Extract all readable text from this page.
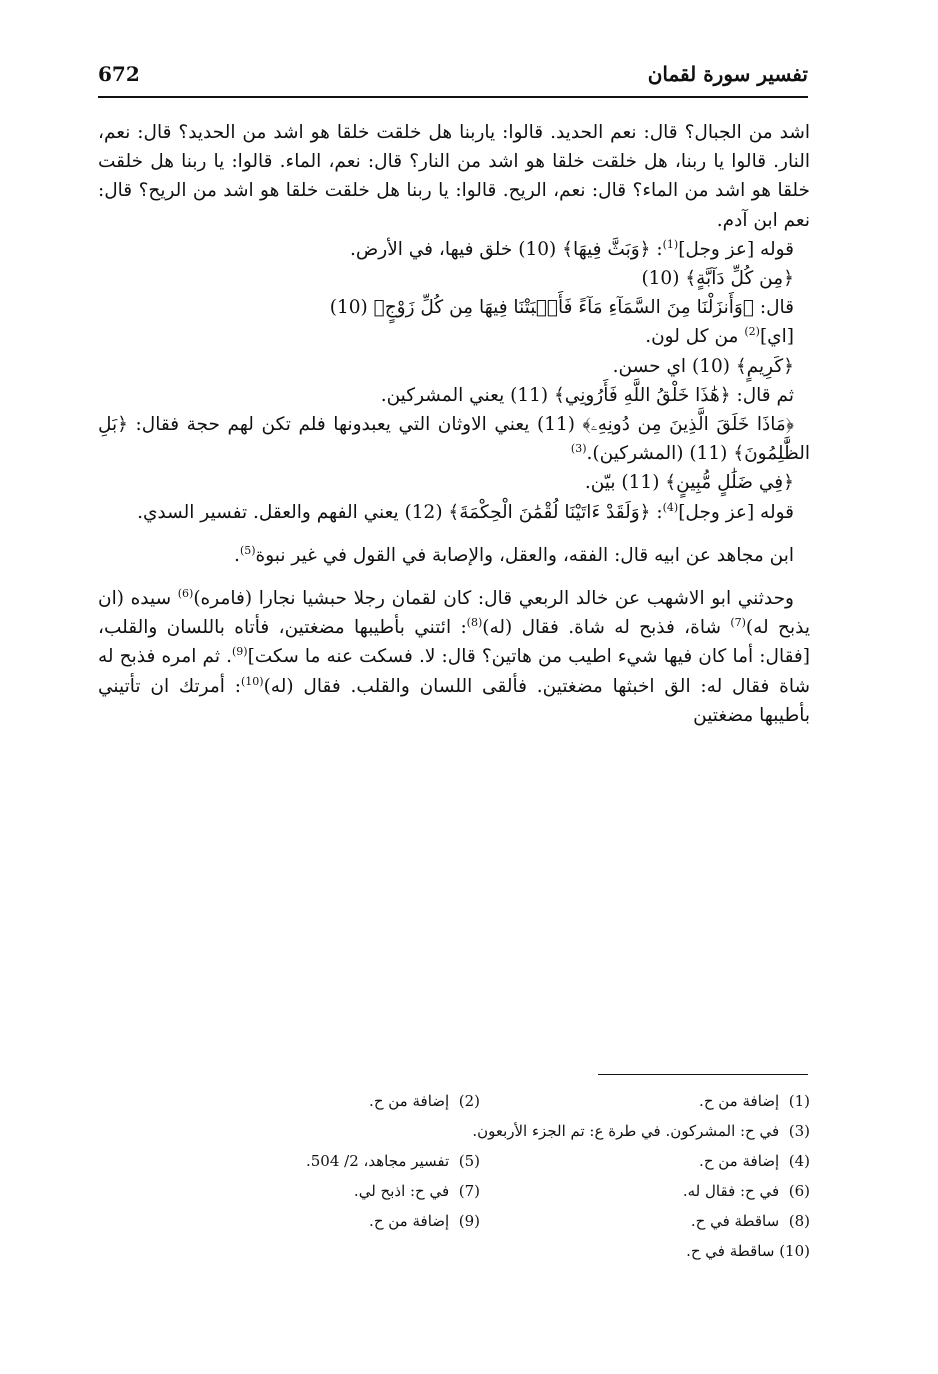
تفسير سورة لقمان
672

اشد من الجبال؟ قال: نعم الحديد. قالوا: ياربنا هل خلقت خلقا هو اشد من الحديد؟ قال: نعم، النار. قالوا يا ربنا، هل خلقت خلقا هو اشد من النار؟ قال: نعم، الماء. قالوا: يا ربنا هل خلقت خلقا هو اشد من الماء؟ قال: نعم، الريح. قالوا: يا ربنا هل خلقت خلقا هو اشد من الريح؟ قال: نعم ابن آدم.

قوله [عز وجل]$^{(1)}$: ﴿وَبَثَّ فِيهَا﴾ (10) خلق فيها، في الأرض.

﴿مِن كُلِّ دَآبَّةٍ﴾ (10)

قال: ﴿وَأَنزَلْنَا مِنَ السَّمَآءِ مَآءً فَأَنۢبَتْنَا فِيهَا مِن كُلِّ زَوْجٍ﴾ (10)

[اي]$^{(2)}$ من كل لون.

﴿كَرِيمٍ﴾ (10) اي حسن.

ثم قال: ﴿هَٰذَا خَلْقُ اللَّهِ فَأَرُونِي﴾ (11) يعني المشركين.

﴿مَاذَا خَلَقَ الَّذِينَ مِن دُونِهِۦ﴾ (11) يعني الاوثان التي يعبدونها فلم تكن لهم حجة فقال: ﴿بَلِ الظَّٰلِمُونَ﴾ (11) (المشركين).$^{(3)}$

﴿فِي ضَلَٰلٍ مُّبِينٍ﴾ (11) بيّن.

قوله [عز وجل]$^{(4)}$: ﴿وَلَقَدْ ءَاتَيْنَا لُقْمَٰنَ الْحِكْمَةَ﴾ (12) يعني الفهم والعقل. تفسير السدي.

ابن مجاهد عن ابيه قال: الفقه، والعقل، والإصابة في القول في غير نبوة$^{(5)}$.

وحدثني ابو الاشهب عن خالد الربعي قال: كان لقمان رجلا حبشيا نجارا (فامره)$^{(6)}$ سيده (ان يذبح له)$^{(7)}$ شاة، فذبح له شاة. فقال (له)$^{(8)}$: ائتني بأطيبها مضغتين، فأتاه باللسان والقلب، [فقال: أما كان فيها شيء اطيب من هاتين؟ قال: لا. فسكت عنه ما سكت]$^{(9)}$. ثم امره فذبح له شاة فقال له: الق اخبثها مضغتين. فألقى اللسان والقلب. فقال (له)$^{(10)}$: أمرتك ان تأتيني بأطيبها مضغتين

(1)  إضافة من ح.
(2)  إضافة من ح.
(3)  في ح: المشركون. في طرة ع: تم الجزء الأربعون.
(4)  إضافة من ح.
(5)  تفسير مجاهد، 2/ 504.
(6)  في ح: فقال له.
(7)  في ح: اذبح لي.
(8)  ساقطة في ح.
(9)  إضافة من ح.
(10) ساقطة في ح.
